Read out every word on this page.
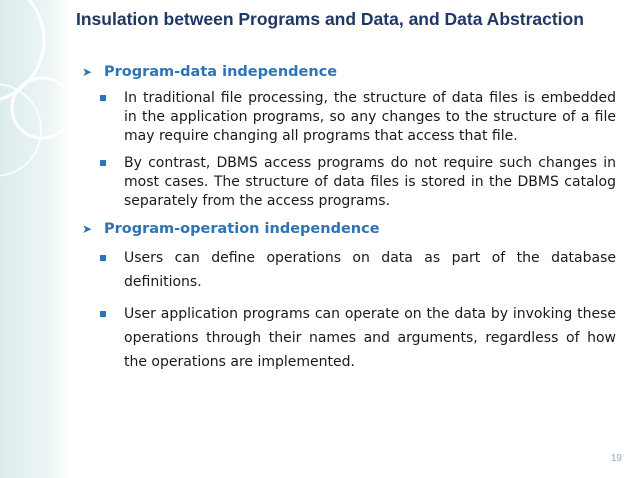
Insulation between Programs and Data, and Data Abstraction
➤ Program-data independence
In traditional file processing, the structure of data files is embedded in the application programs, so any changes to the structure of a file may require changing all programs that access that file.
By contrast, DBMS access programs do not require such changes in most cases. The structure of data files is stored in the DBMS catalog separately from the access programs.
➤ Program-operation independence
Users can define operations on data as part of the database definitions.
User application programs can operate on the data by invoking these operations through their names and arguments, regardless of how the operations are implemented.
19
